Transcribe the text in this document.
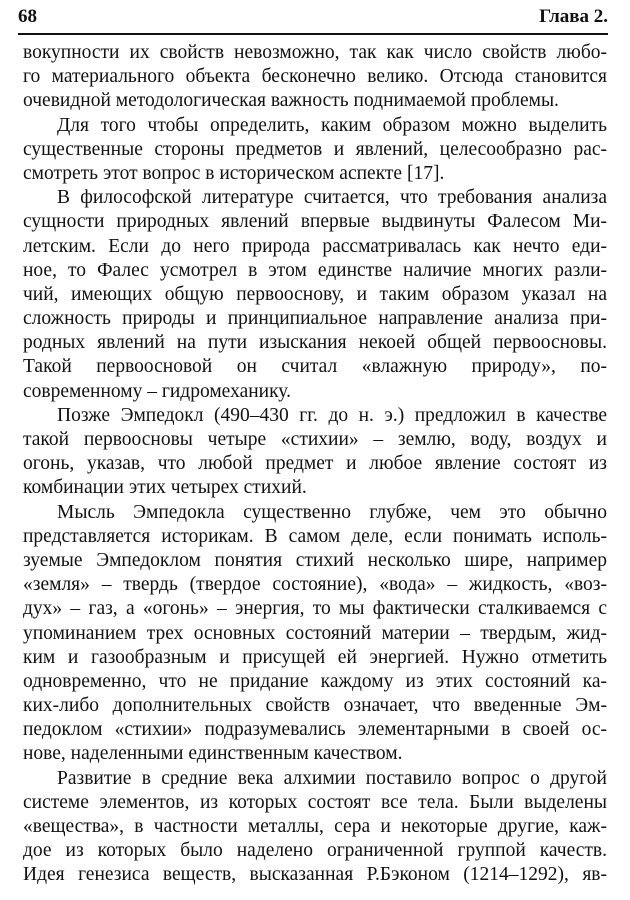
68	Глава 2.
вокупности их свойств невозможно, так как число свойств любо-
го материального объекта бесконечно велико. Отсюда становится
очевидной методологическая важность поднимаемой проблемы.
Для того чтобы определить, каким образом можно выделить
существенные стороны предметов и явлений, целесообразно рас-
смотреть этот вопрос в историческом аспекте [17].
В философской литературе считается, что требования анализа
сущности природных явлений впервые выдвинуты Фалесом Ми-
летским. Если до него природа рассматривалась как нечто еди-
ное, то Фалес усмотрел в этом единстве наличие многих разли-
чий, имеющих общую первооснову, и таким образом указал на
сложность природы и принципиальное направление анализа при-
родных явлений на пути изыскания некоей общей первоосновы.
Такой первоосновой он считал «влажную природу», по-
современному – гидромеханику.
Позже Эмпедокл (490–430 гг. до н. э.) предложил в качестве
такой первоосновы четыре «стихии» – землю, воду, воздух и
огонь, указав, что любой предмет и любое явление состоят из
комбинации этих четырех стихий.
Мысль Эмпедокла существенно глубже, чем это обычно
представляется историкам. В самом деле, если понимать исполь-
зуемые Эмпедоклом понятия стихий несколько шире, например
«земля» – твердь (твердое состояние), «вода» – жидкость, «воз-
дух» – газ, а «огонь» – энергия, то мы фактически сталкиваемся с
упоминанием трех основных состояний материи – твердым, жид-
ким и газообразным и присущей ей энергией. Нужно отметить
одновременно, что не придание каждому из этих состояний ка-
ких-либо дополнительных свойств означает, что введенные Эм-
педоклом «стихии» подразумевались элементарными в своей ос-
нове, наделенными единственным качеством.
Развитие в средние века алхимии поставило вопрос о другой
системе элементов, из которых состоят все тела. Были выделены
«вещества», в частности металлы, сера и некоторые другие, каж-
дое из которых было наделено ограниченной группой качеств.
Идея генезиса веществ, высказанная Р.Бэконом (1214–1292), яв-
